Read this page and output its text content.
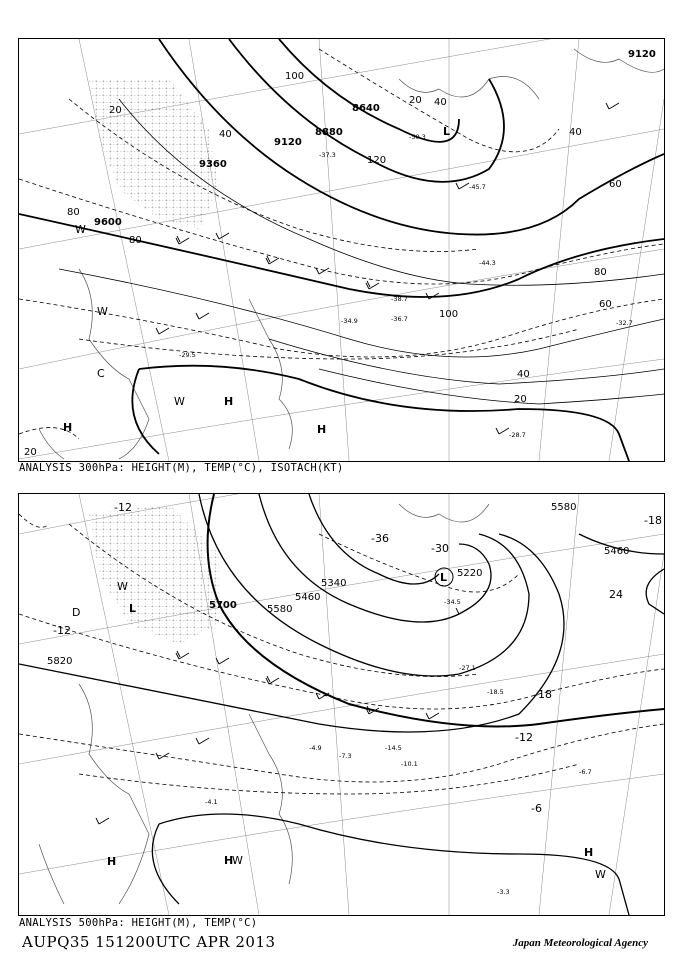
9600
9360
9120
8880
8640
9120
20
40
80
100
120
80
100
60
40
20
80
60
40
20
40
20
H
H
H
L
W
W
W
C
-29.5
-28.7
-36.7
-34.9
-44.3
-45.7
-50.3
-32.7
-38.7
-37.3
ANALYSIS 300hPa: HEIGHT(M), TEMP(°C), ISOTACH(KT)
5820
5700	5580
5460
5340
5220
5580
5460
-12
-12
-36
-30
-18
-12
-6
-18
24
H	H
H
L
L
W
W
W
D
-3.3
-14.5
-18.5
-27.1
-34.5
-4.1
-6.7
-10.1
-7.3
-4.9
ANALYSIS 500hPa: HEIGHT(M), TEMP(°C)
AUPQ35 151200UTC APR 2013	Japan Meteorological Agency
